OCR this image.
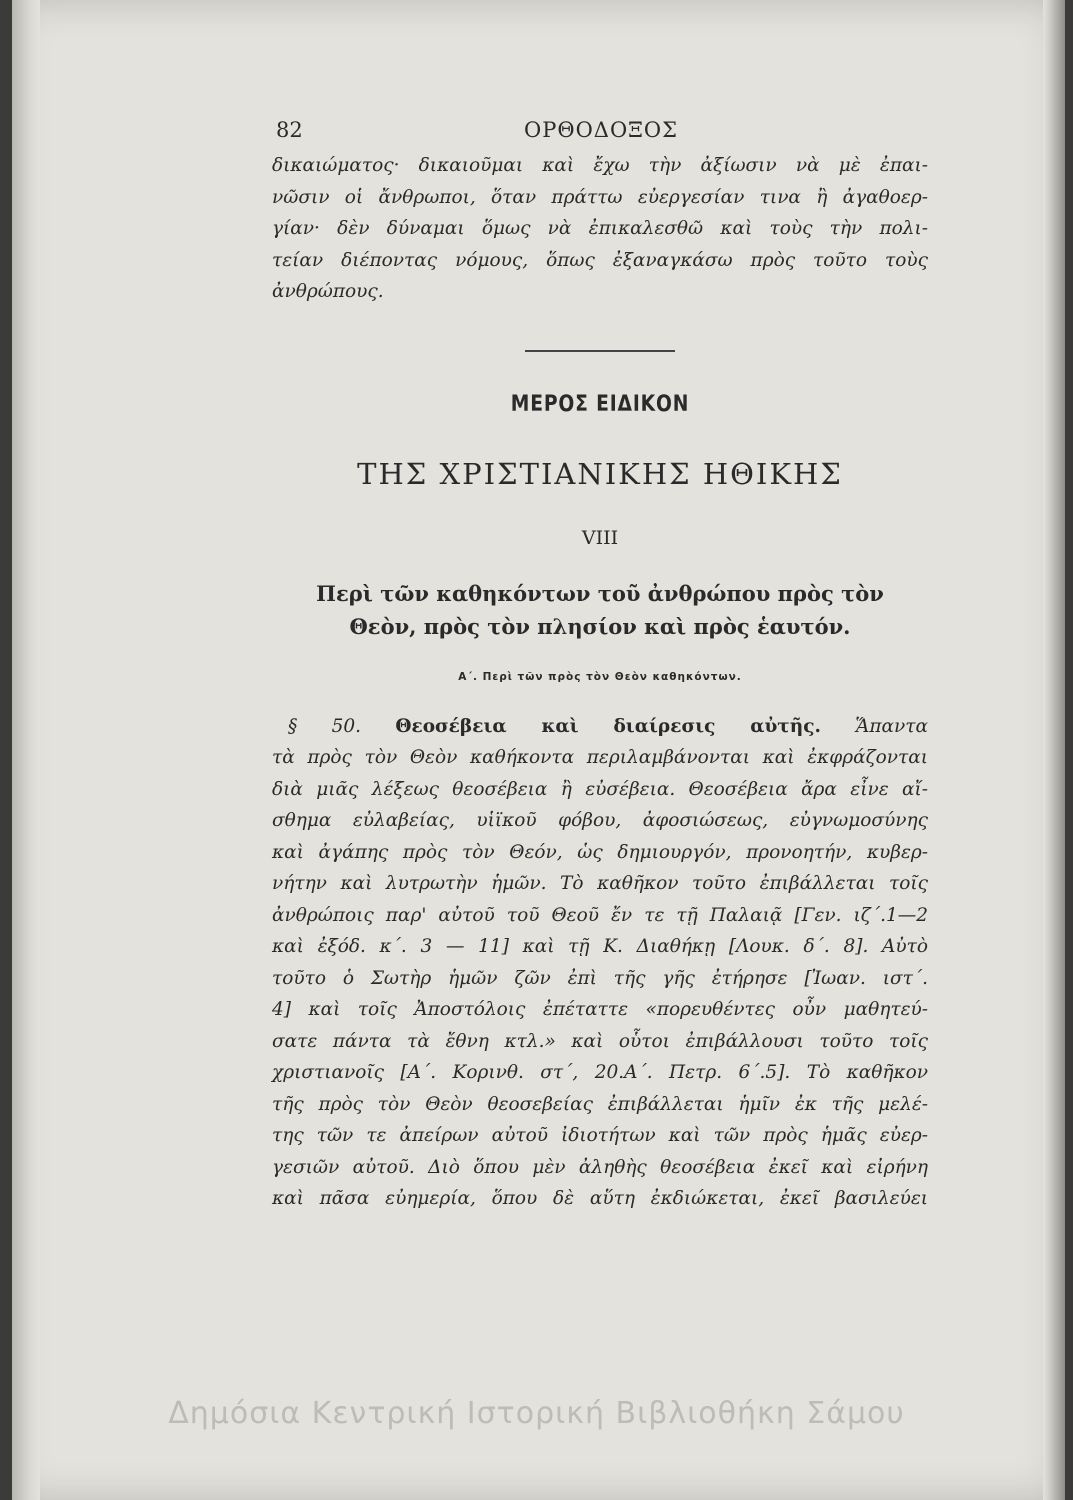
82	ΟΡΘΟΔΟΞΟΣ

δικαιώματος· δικαιοῦμαι καὶ ἔχω τὴν ἀξίωσιν νὰ μὲ ἐπαι-
νῶσιν οἱ ἄνθρωποι, ὅταν πράττω εὐεργεσίαν τινα ἢ ἀγαθοερ-
γίαν· δὲν δύναμαι ὅμως νὰ ἐπικαλεσθῶ καὶ τοὺς τὴν πολι-
τείαν διέποντας νόμους, ὅπως ἐξαναγκάσω πρὸς τοῦτο τοὺς
ἀνθρώπους.

ΜΕΡΟΣ ΕΙΔΙΚΟΝ
ΤΗΣ ΧΡΙΣΤΙΑΝΙΚΗΣ ΗΘΙΚΗΣ
VIII
Περὶ τῶν καθηκόντων τοῦ ἀνθρώπου πρὸς τὸν
Θεὸν, πρὸς τὸν πλησίον καὶ πρὸς ἑαυτόν.
Α΄. Περὶ τῶν πρὸς τὸν Θεὸν καθηκόντων.
§ 50. Θεοσέβεια καὶ διαίρεσις αὐτῆς. Ἅπαντα
τὰ πρὸς τὸν Θεὸν καθήκοντα περιλαμβάνονται καὶ ἐκφράζονται
διὰ μιᾶς λέξεως θεοσέβεια ἢ εὐσέβεια. Θεοσέβεια ἄρα εἶνε αἴ-
σθημα εὐλαβείας, υἱϊκοῦ φόβου, ἀφοσιώσεως, εὐγνωμοσύνης
καὶ ἀγάπης πρὸς τὸν Θεόν, ὡς δημιουργόν, προνοητήν, κυβερ-
νήτην καὶ λυτρωτὴν ἡμῶν. Τὸ καθῆκον τοῦτο ἐπιβάλλεται τοῖς
ἀνθρώποις παρ' αὐτοῦ τοῦ Θεοῦ ἔν τε τῇ Παλαιᾷ [Γεν. ιζ΄.1—2
καὶ ἐξόδ. κ΄. 3 — 11] καὶ τῇ Κ. Διαθήκῃ [Λουκ. δ΄. 8]. Αὐτὸ
τοῦτο ὁ Σωτὴρ ἡμῶν ζῶν ἐπὶ τῆς γῆς ἐτήρησε [Ἰωαν. ιστ΄.
4] καὶ τοῖς Ἀποστόλοις ἐπέταττε «πορευθέντες οὖν μαθητεύ-
σατε πάντα τὰ ἔθνη κτλ.» καὶ οὗτοι ἐπιβάλλουσι τοῦτο τοῖς
χριστιανοῖς [Α΄. Κορινθ. στ΄, 20.Α΄. Πετρ. 6΄.5]. Τὸ καθῆκον
τῆς πρὸς τὸν Θεὸν θεοσεβείας ἐπιβάλλεται ἡμῖν ἐκ τῆς μελέ-
της τῶν τε ἀπείρων αὐτοῦ ἰδιοτήτων καὶ τῶν πρὸς ἡμᾶς εὐερ-
γεσιῶν αὐτοῦ. Διὸ ὅπου μὲν ἀληθὴς θεοσέβεια ἐκεῖ καὶ εἰρήνη
καὶ πᾶσα εὐημερία, ὅπου δὲ αὕτη ἐκδιώκεται, ἐκεῖ βασιλεύει
Δημόσια Κεντρική Ιστορική Βιβλιοθήκη Σάμου
